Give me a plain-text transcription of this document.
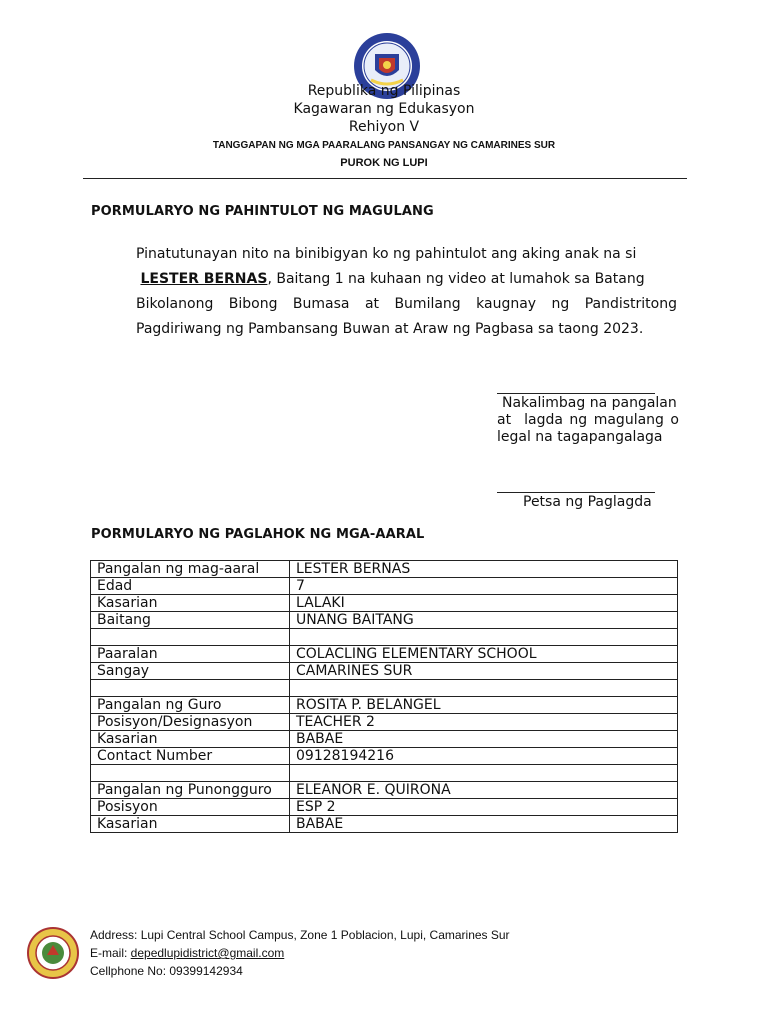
Republika ng Pilipinas
Kagawaran ng Edukasyon
Rehiyon V
TANGGAPAN NG MGA PAARALANG PANSANGAY NG CAMARINES SUR
PUROK NG LUPI
PORMULARYO NG PAHINTULOT NG MAGULANG
Pinatutunayan nito na binibigyan ko ng pahintulot ang aking anak na si
LESTER BERNAS, Baitang 1 na kuhaan ng video at lumahok sa Batang
Bikolanong Bibong Bumasa at Bumilang kaugnay ng Pandistritong
Pagdiriwang ng Pambansang Buwan at Araw ng Pagbasa sa taong 2023.
Nakalimbag na pangalan
at  lagda ng magulang o
legal na tagapangalaga
Petsa ng Paglagda
PORMULARYO NG PAGLAHOK NG MGA-AARAL
Pangalan ng mag-aaral	LESTER BERNAS
Edad	7
Kasarian	LALAKI
Baitang	UNANG BAITANG

Paaralan	COLACLING ELEMENTARY SCHOOL
Sangay	CAMARINES SUR

Pangalan ng Guro	ROSITA P. BELANGEL
Posisyon/Designasyon	TEACHER 2
Kasarian	BABAE
Contact Number	09128194216

Pangalan ng Punongguro	ELEANOR E. QUIRONA
Posisyon	ESP 2
Kasarian	BABAE
Address: Lupi Central School Campus, Zone 1 Poblacion, Lupi, Camarines Sur
E-mail: depedlupidistrict@gmail.com
Cellphone No: 09399142934
